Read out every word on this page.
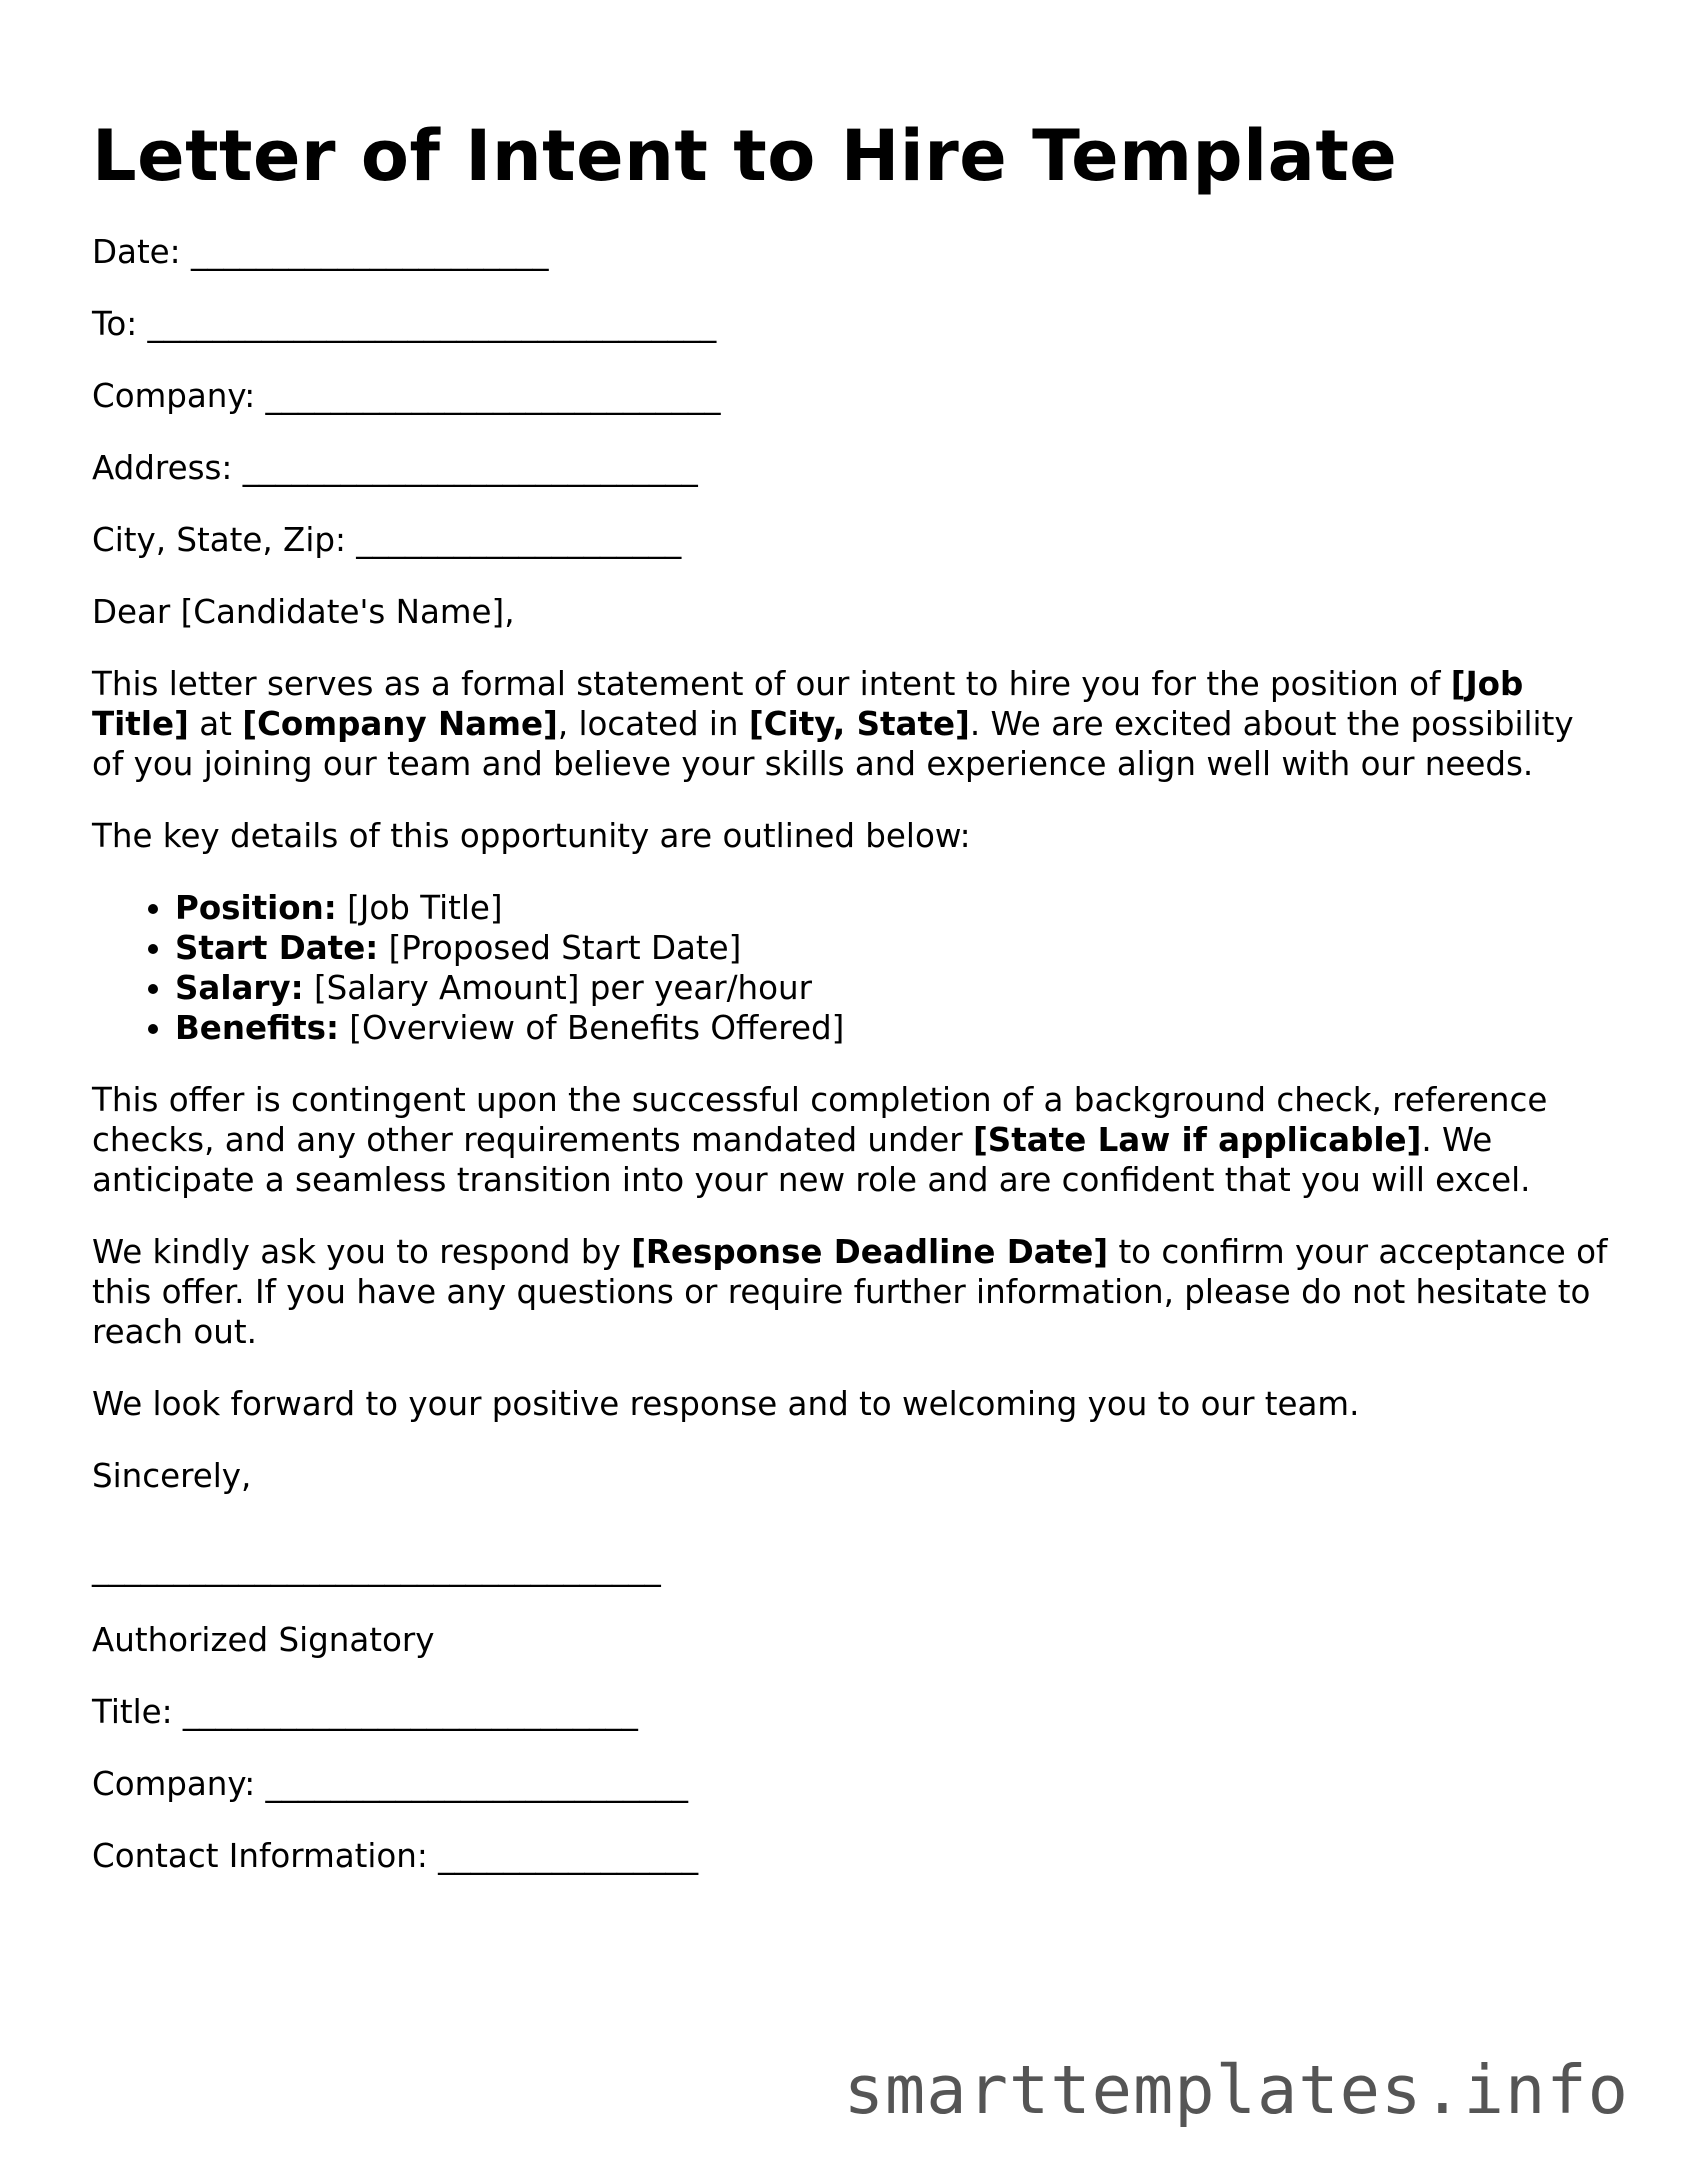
Letter of Intent to Hire Template

Date: ______________________

To: ___________________________________

Company: ____________________________

Address: ____________________________

City, State, Zip: ____________________

Dear [Candidate's Name],

This letter serves as a formal statement of our intent to hire you for the position of [Job Title] at [Company Name], located in [City, State]. We are excited about the possibility of you joining our team and believe your skills and experience align well with our needs.

The key details of this opportunity are outlined below:

• Position: [Job Title]
• Start Date: [Proposed Start Date]
• Salary: [Salary Amount] per year/hour
• Benefits: [Overview of Benefits Offered]

This offer is contingent upon the successful completion of a background check, reference checks, and any other requirements mandated under [State Law if applicable]. We anticipate a seamless transition into your new role and are confident that you will excel.

We kindly ask you to respond by [Response Deadline Date] to confirm your acceptance of this offer. If you have any questions or require further information, please do not hesitate to reach out.

We look forward to your positive response and to welcoming you to our team.

Sincerely,

___________________________________

Authorized Signatory

Title: ____________________________

Company: __________________________

Contact Information: ________________

smarttemplates.info
